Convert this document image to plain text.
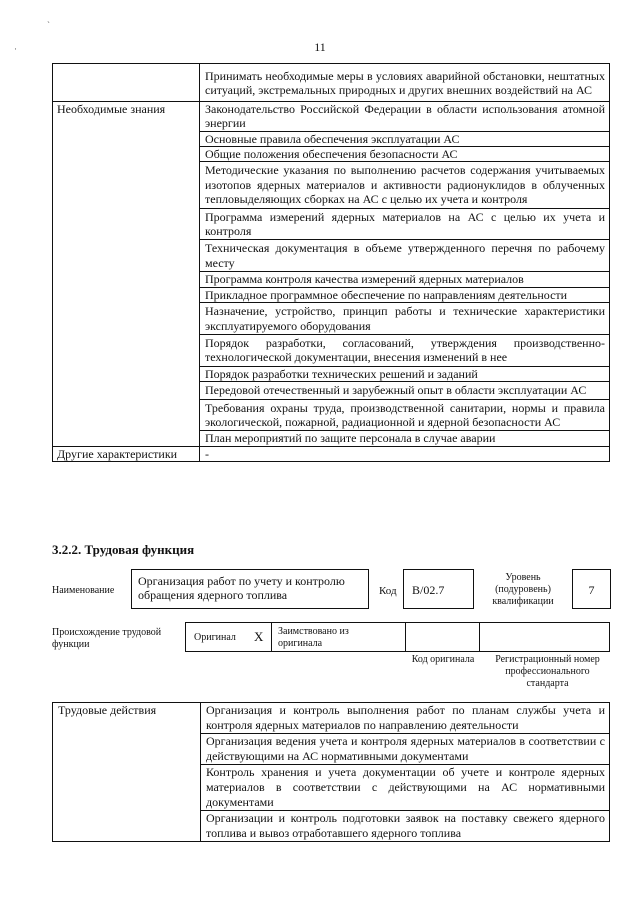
`
·	11
	Принимать необходимые меры в условиях аварийной обстановки, нештатных ситуаций, экстремальных природных и других внешних воздействий на АС
Необходимые знания	Законодательство Российской Федерации в области использования атомной энергии
	Основные правила обеспечения эксплуатации АС
	Общие положения обеспечения безопасности АС
	Методические указания по выполнению расчетов содержания учитываемых изотопов ядерных материалов и активности радионуклидов в облученных тепловыделяющих сборках на АС с целью их учета и контроля
	Программа измерений ядерных материалов на АС с целью их учета и контроля
	Техническая документация в объеме утвержденного перечня по рабочему месту
	Программа контроля качества измерений ядерных материалов
	Прикладное программное обеспечение по направлениям деятельности
	Назначение, устройство, принцип работы и технические характеристики эксплуатируемого оборудования
	Порядок разработки, согласований, утверждения производственно-технологической документации, внесения изменений в нее
	Порядок разработки технических решений и заданий
	Передовой отечественный и зарубежный опыт в области эксплуатации АС
	Требования охраны труда, производственной санитарии, нормы и правила экологической, пожарной, радиационной и ядерной безопасности АС
	План мероприятий по защите персонала в случае аварии
Другие характеристики	-
3.2.2. Трудовая функция
Наименование
Организация работ по учету и контролю обращения ядерного топлива	Код B/02.7
Уровень (подуровень) квалификации
7
Происхождение трудовой функции
Оригинал X Заимствовано из оригинала
Код оригинала	Регистрационный номер профессионального стандарта
Трудовые действия	Организация и контроль выполнения работ по планам службы учета и контроля ядерных материалов по направлению деятельности
Организация ведения учета и контроля ядерных материалов в соответствии с действующими на АС нормативными документами
Контроль хранения и учета документации об учете и контроле ядерных материалов в соответствии с действующими на АС нормативными документами
Организации и контроль подготовки заявок на поставку свежего ядерного топлива и вывоз отработавшего ядерного топлива
